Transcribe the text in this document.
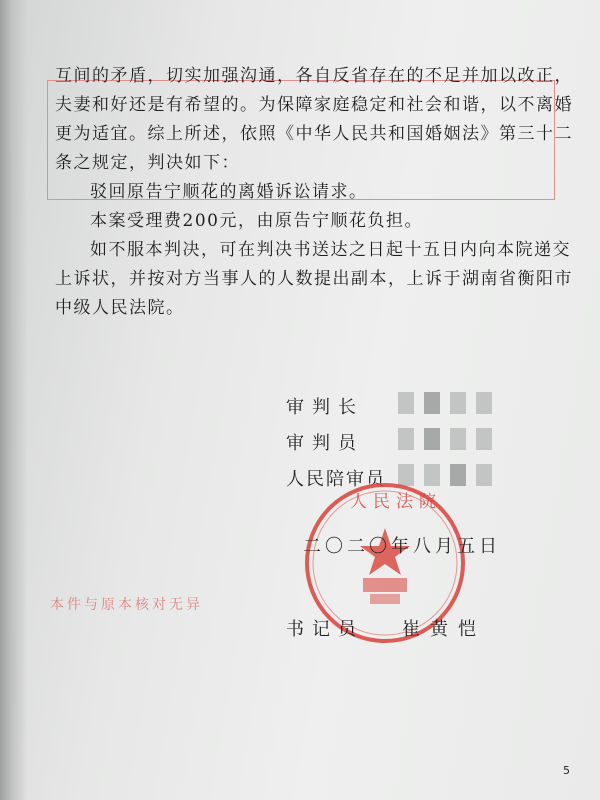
互间的矛盾，切实加强沟通，各自反省存在的不足并加以改正，
夫妻和好还是有希望的。为保障家庭稳定和社会和谐，以不离婚
更为适宜。综上所述，依照《中华人民共和国婚姻法》第三十二
条之规定，判决如下：
驳回原告宁顺花的离婚诉讼请求。
本案受理费200元，由原告宁顺花负担。
如不服本判决，可在判决书送达之日起十五日内向本院递交
上诉状，并按对方当事人的人数提出副本，上诉于湖南省衡阳市
中级人民法院。
审判长
审判员
人民陪审员
人民法院
二〇二〇年八月五日
本件与原本核对无异
书记员 崔黄恺
5
